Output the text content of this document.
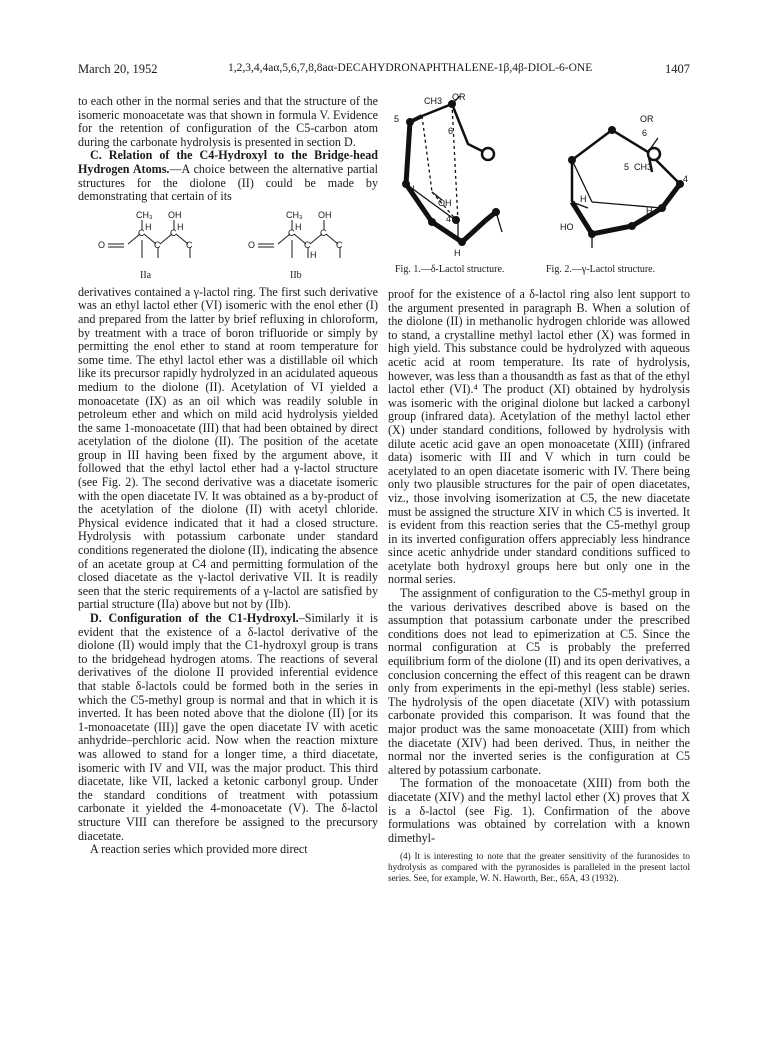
March 20, 1952	1,2,3,4,4aα,5,6,7,8,8aα-DECAHYDRONAPHTHALENE-1β,4β-DIOL-6-ONE	1407

to each other in the normal series and that the structure of the isomeric monoacetate was that shown in formula V. Evidence for the retention of configuration of the C5-carbon atom during the carbonate hydrolysis is presented in section D.

C. Relation of the C4-Hydroxyl to the Bridge-head Hydrogen Atoms.—A choice between the alternative partial structures for the diolone (II) could be made by demonstrating that certain of its

O
CH₃ OH
C
C
C
C
H	H
O
CH₃ OH
C
C
C
C
H
H
IIa	IIb

derivatives contained a γ-lactol ring. The first such derivative was an ethyl lactol ether (VI) isomeric with the enol ether (I) and prepared from the latter by brief refluxing in chloroform, by treatment with a trace of boron trifluoride or simply by permitting the enol ether to stand at room temperature for some time. The ethyl lactol ether was a distillable oil which like its precursor rapidly hydrolyzed in an acidulated aqueous medium to the diolone (II). Acetylation of VI yielded a monoacetate (IX) as an oil which was readily soluble in petroleum ether and which on mild acid hydrolysis yielded the same 1-monoacetate (III) that had been obtained by direct acetylation of the diolone (II). The position of the acetate group in III having been fixed by the argument above, it followed that the ethyl lactol ether had a γ-lactol structure (see Fig. 2). The second derivative was a diacetate isomeric with the open diacetate IV. It was obtained as a by-product of the acetylation of the diolone (II) with acetyl chloride. Physical evidence indicated that it had a closed structure. Hydrolysis with potassium carbonate under standard conditions regenerated the diolone (II), indicating the absence of an acetate group at C4 and permitting formulation of the closed diacetate as the γ-lactol derivative VII. It is readily seen that the steric requirements of a γ-lactol are satisfied by partial structure (IIa) above but not by (IIb).

D. Configuration of the C1-Hydroxyl.–Similarly it is evident that the existence of a δ-lactol derivative of the diolone (II) would imply that the C1-hydroxyl group is trans to the bridgehead hydrogen atoms. The reactions of several derivatives of the diolone II provided inferential evidence that stable δ-lactols could be formed both in the series in which the C5-methyl group is normal and that in which it is inverted. It has been noted above that the diolone (II) [or its 1-monoacetate (III)] gave the open diacetate IV with acetic anhydride–perchloric acid. Now when the reaction mixture was allowed to stand for a longer time, a third diacetate, isomeric with IV and VII, was the major product. This third diacetate, like VII, lacked a ketonic carbonyl group. Under the standard conditions of treatment with potassium carbonate it yielded the 4-monoacetate (V). The δ-lactol structure VIII can therefore be assigned to the precursory diacetate.

A reaction series which provided more direct

CH3 OR
5
6
H
OH
4
H
OR
6
5 CH3
4
H
H
HO
Fig. 1.—δ-Lactol structure.	Fig. 2.—γ-Lactol structure.

proof for the existence of a δ-lactol ring also lent support to the argument presented in paragraph B. When a solution of the diolone (II) in methanolic hydrogen chloride was allowed to stand, a crystalline methyl lactol ether (X) was formed in high yield. This substance could be hydrolyzed with aqueous acetic acid at room temperature. Its rate of hydrolysis, however, was less than a thousandth as fast as that of the ethyl lactol ether (VI).⁴ The product (XI) obtained by hydrolysis was isomeric with the original diolone but lacked a carbonyl group (infrared data). Acetylation of the methyl lactol ether (X) under standard conditions, followed by hydrolysis with dilute acetic acid gave an open monoacetate (XIII) (infrared data) isomeric with III and V which in turn could be acetylated to an open diacetate isomeric with IV. There being only two plausible structures for the pair of open diacetates, viz., those involving isomerization at C5, the new diacetate must be assigned the structure XIV in which C5 is inverted. It is evident from this reaction series that the C5-methyl group in its inverted configuration offers appreciably less hindrance since acetic anhydride under standard conditions sufficed to acetylate both hydroxyl groups here but only one in the normal series.

The assignment of configuration to the C5-methyl group in the various derivatives described above is based on the assumption that potassium carbonate under the prescribed conditions does not lead to epimerization at C5. Since the normal configuration at C5 is probably the preferred equilibrium form of the diolone (II) and its open derivatives, a conclusion concerning the effect of this reagent can be drawn only from experiments in the epi-methyl (less stable) series. The hydrolysis of the open diacetate (XIV) with potassium carbonate provided this comparison. It was found that the major product was the same monoacetate (XIII) from which the diacetate (XIV) had been derived. Thus, in neither the normal nor the inverted series is the configuration at C5 altered by potassium carbonate.

The formation of the monoacetate (XIII) from both the diacetate (XIV) and the methyl lactol ether (X) proves that X is a δ-lactol (see Fig. 1). Confirmation of the above formulations was obtained by correlation with a known dimethyl-

(4) It is interesting to note that the greater sensitivity of the furanosides to hydrolysis as compared with the pyranosides is paralleled in the present lactol series. See, for example, W. N. Haworth, Ber., 65A, 43 (1932).
